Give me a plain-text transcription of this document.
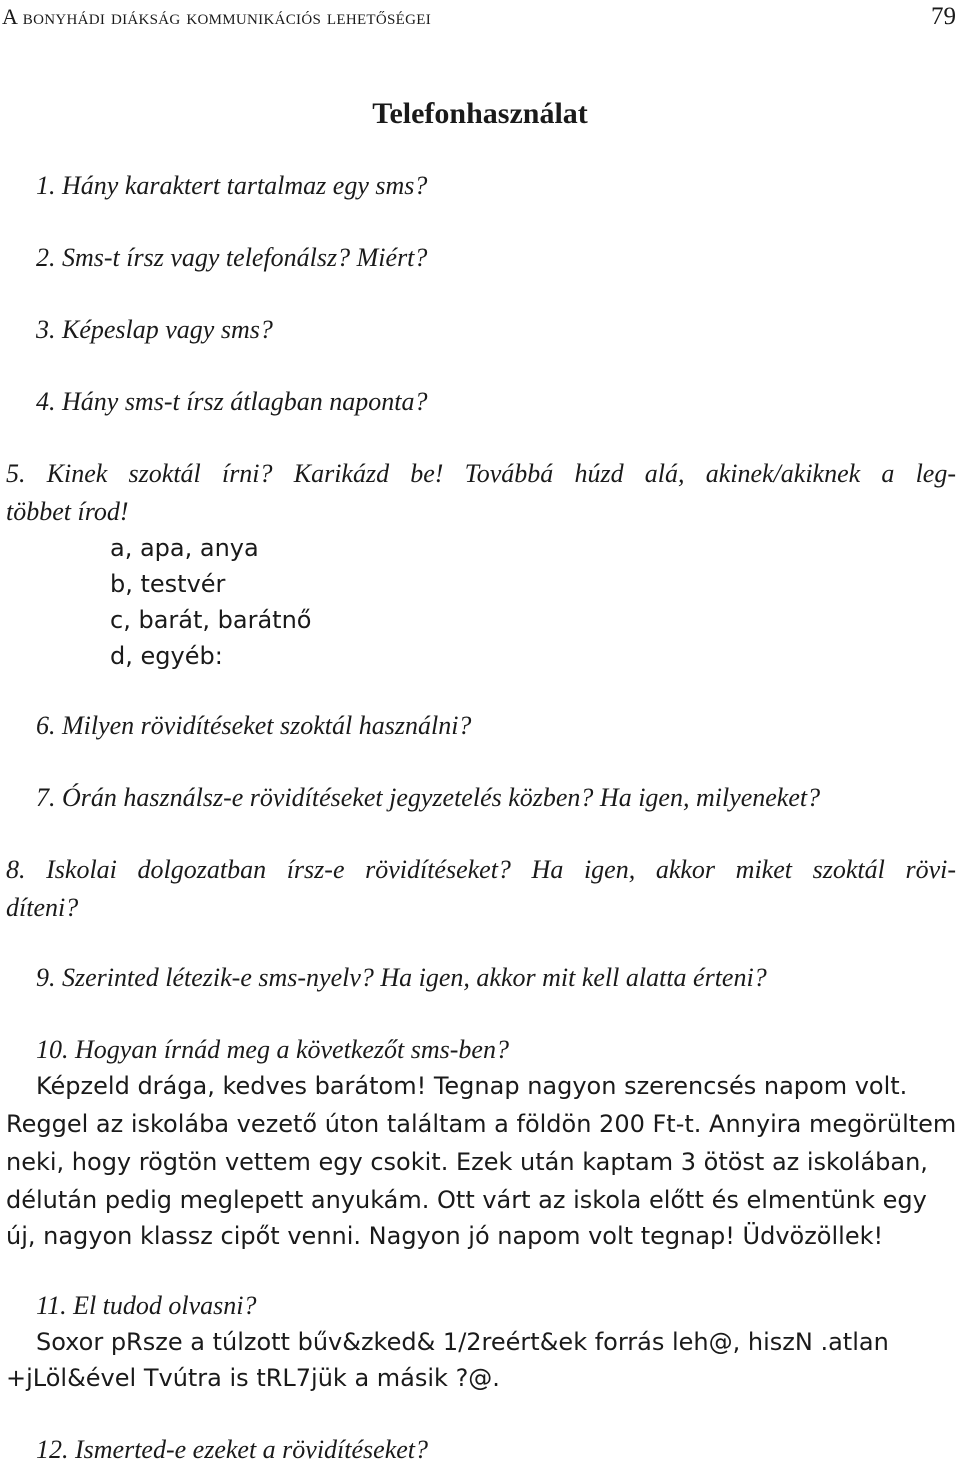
A bonyhádi diákság kommunikációs lehetőségei	79
Telefonhasználat
1. Hány karaktert tartalmaz egy sms?
2. Sms-t írsz vagy telefonálsz? Miért?
3. Képeslap vagy sms?
4. Hány sms-t írsz átlagban naponta?
5. Kinek szoktál írni? Karikázd be! Továbbá húzd alá, akinek/akiknek a leg-
többet írod!
a, apa, anya
b, testvér
c, barát, barátnő
d, egyéb:
6. Milyen rövidítéseket szoktál használni?
7. Órán használsz-e rövidítéseket jegyzetelés közben? Ha igen, milyeneket?
8. Iskolai dolgozatban írsz-e rövidítéseket? Ha igen, akkor miket szoktál rövi-
díteni?
9. Szerinted létezik-e sms-nyelv? Ha igen, akkor mit kell alatta érteni?
10. Hogyan írnád meg a következőt sms-ben?
Képzeld drága, kedves barátom! Tegnap nagyon szerencsés napom volt.
Reggel az iskolába vezető úton találtam a földön 200 Ft-t. Annyira megörültem
neki, hogy rögtön vettem egy csokit. Ezek után kaptam 3 ötöst az iskolában,
délután pedig meglepett anyukám. Ott várt az iskola előtt és elmentünk egy
új, nagyon klassz cipőt venni. Nagyon jó napom volt tegnap! Üdvözöllek!
11. El tudod olvasni?
Soxor pRsze a túlzott bűv&zked& 1/2reért&ek forrás leh@, hiszN .atlan
+jLöl&ével Tvútra is tRL7jük a másik ?@.
12. Ismerted-e ezeket a rövidítéseket?
